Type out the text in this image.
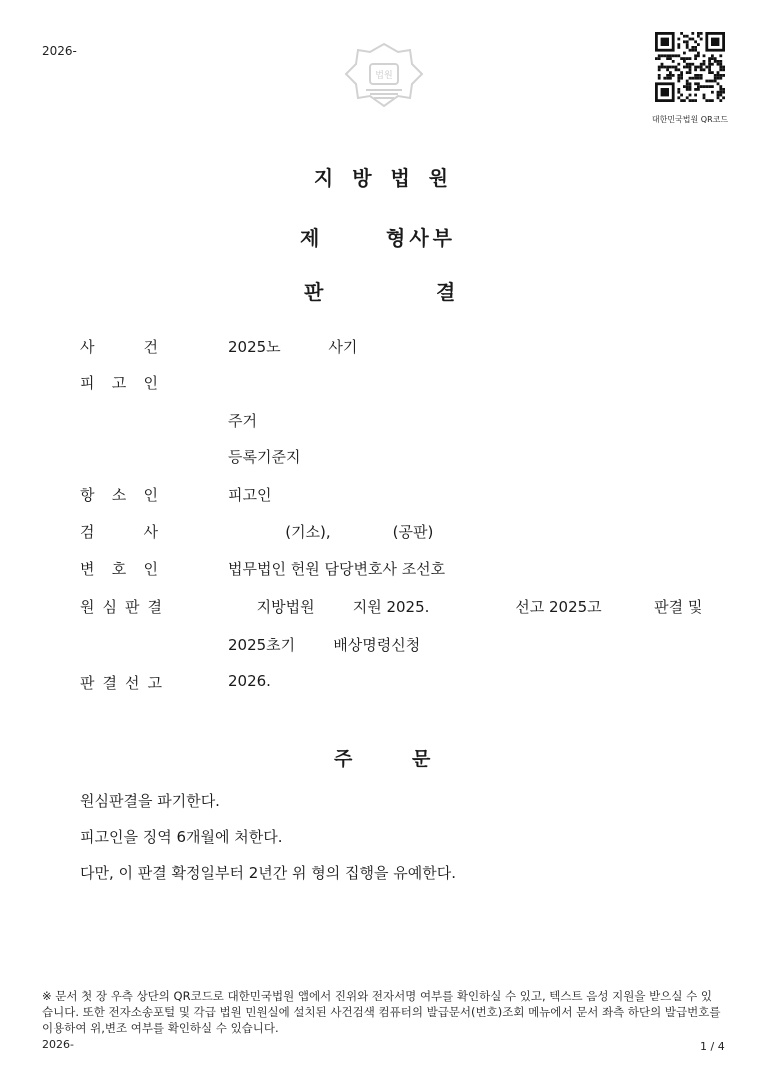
2026-
법원
대한민국법원 QR코드
지 방 법 원
제	형사부
판	결
사	건	2025노          사기
피 고 인
주거
등록기준지
항 소 인	피고인
검	사	(기소),             (공판)
변 호 인	법무법인 헌원 담당변호사 조선호
원 심 판 결	지방법원        지원 2025.                  선고 2025고           판결 및
2025초기        배상명령신청
판 결 선 고	2026.
주	문
원심판결을 파기한다.
피고인을 징역 6개월에 처한다.
다만, 이 판결 확정일부터 2년간 위 형의 집행을 유예한다.
※ 문서 첫 장 우측 상단의 QR코드로 대한민국법원 앱에서 진위와 전자서명 여부를 확인하실 수 있고, 텍스트 음성 지원을 받으실 수 있습니다. 또한 전자소송포털 및 각급 법원 민원실에 설치된 사건검색 컴퓨터의 발급문서(번호)조회 메뉴에서 문서 좌측 하단의 발급번호를 이용하여 위,변조 여부를 확인하실 수 있습니다.
2026-	1 / 4
